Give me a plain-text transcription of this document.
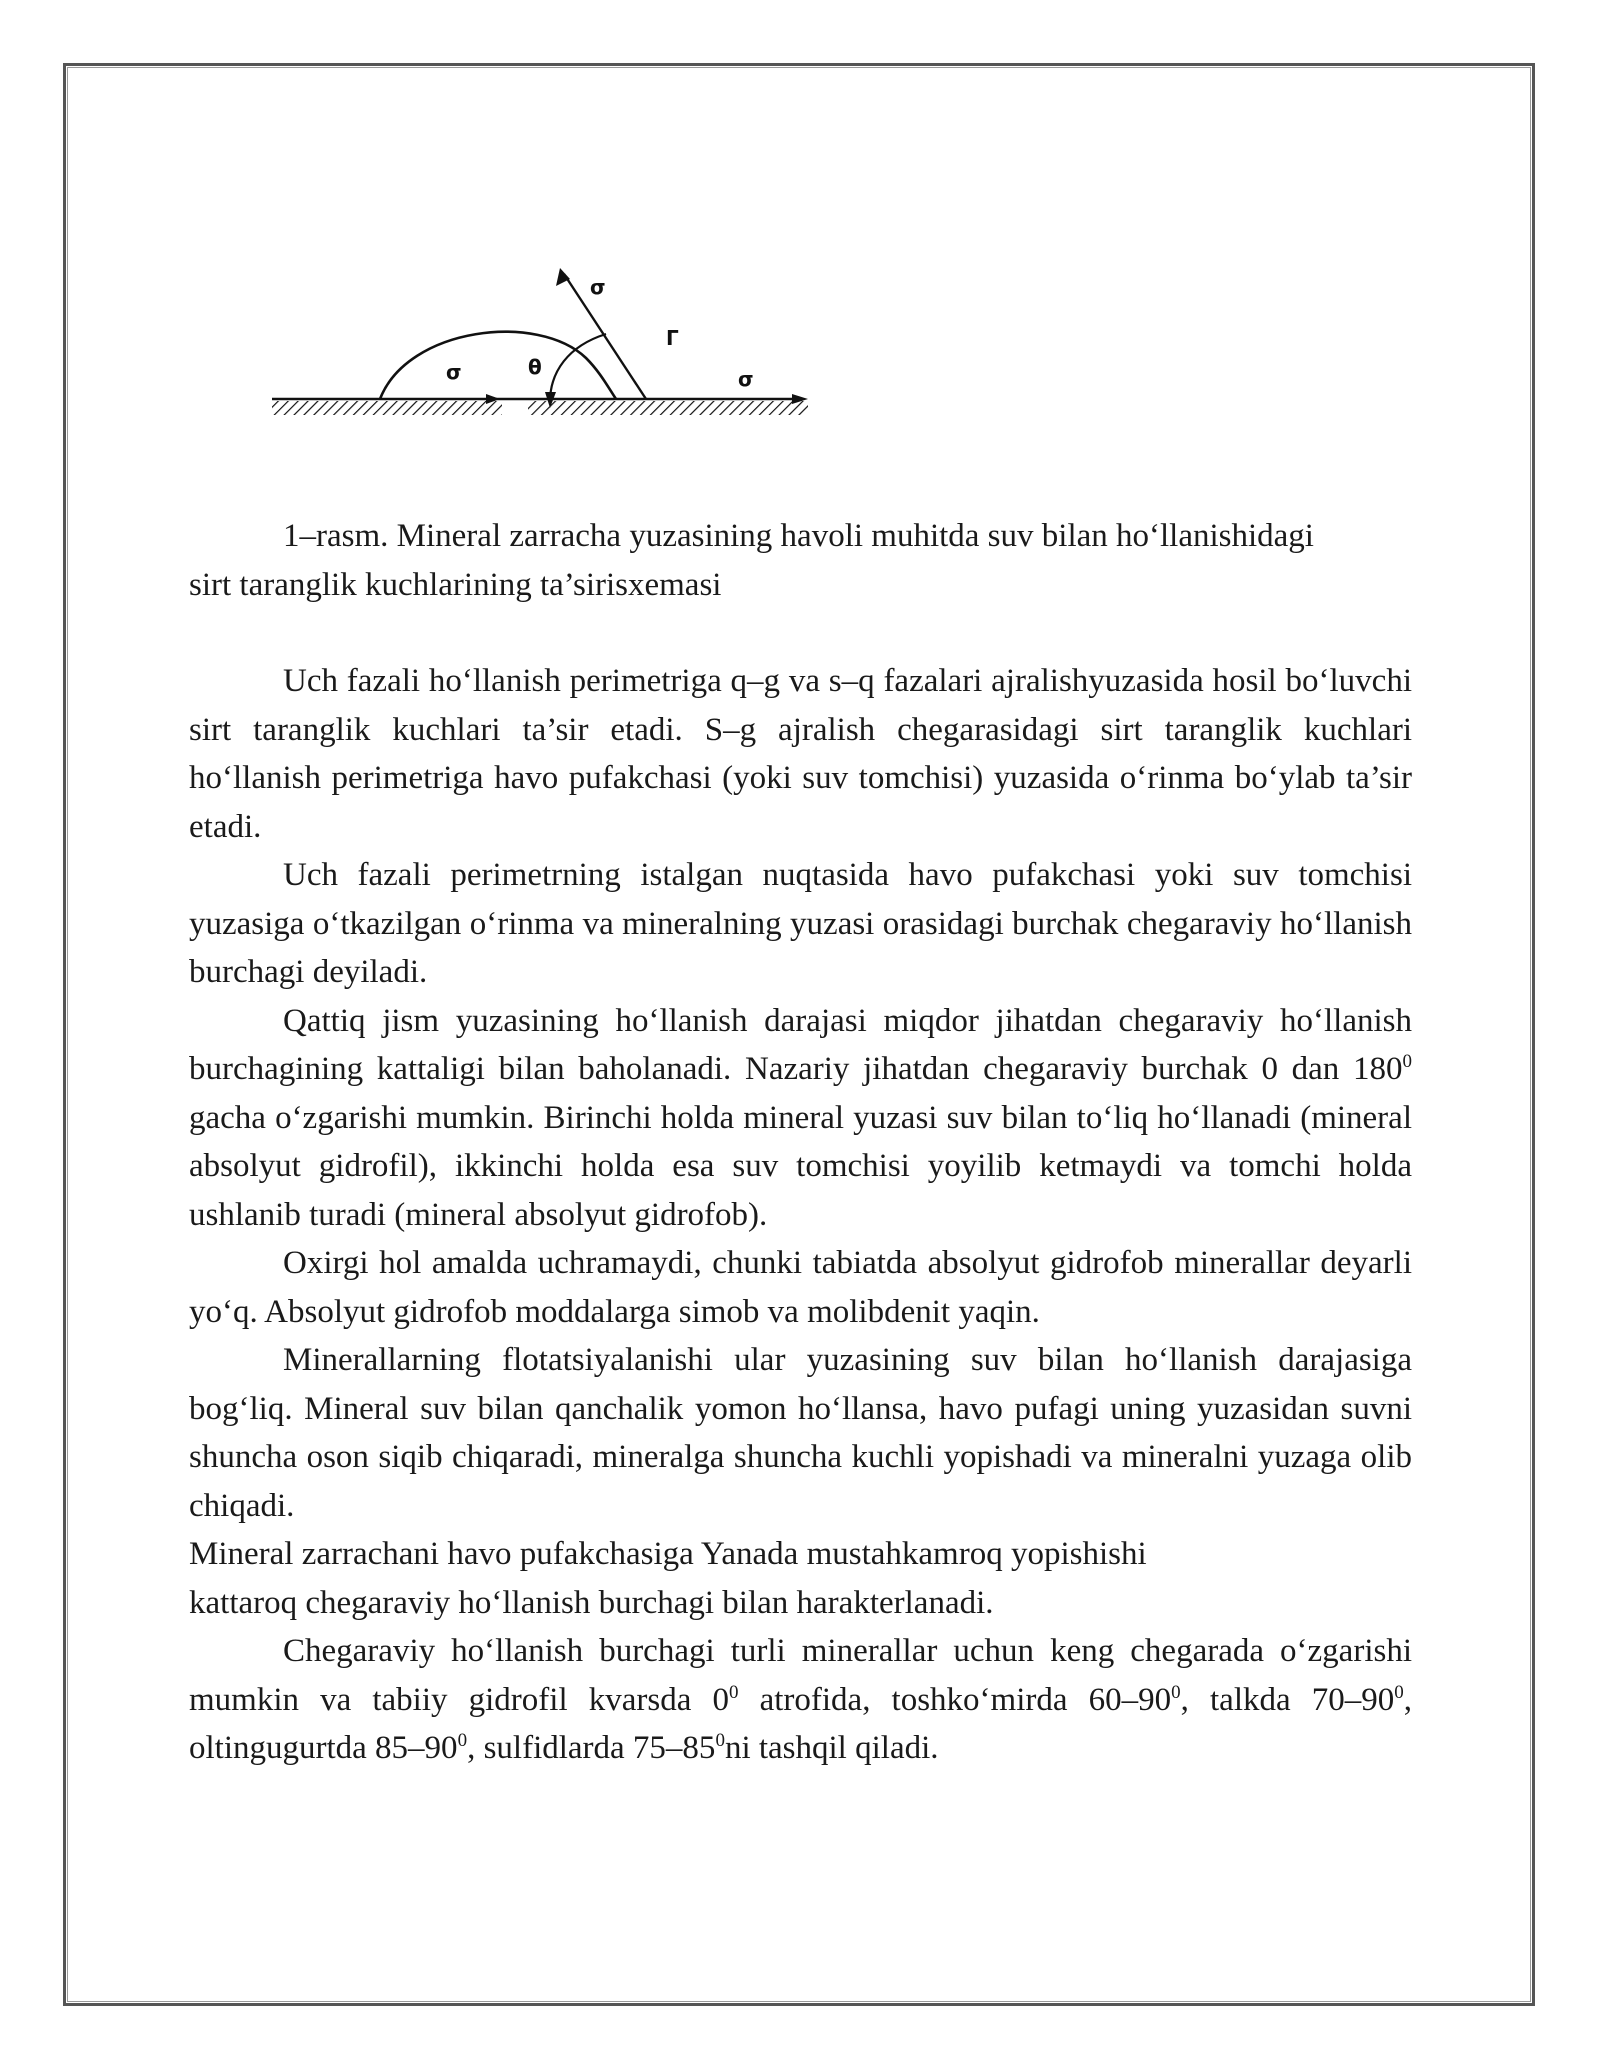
σ
σ	θ
Г
σ

1–rasm. Mineral zarracha yuzasining havoli muhitda suv bilan ho‘llanishidagi
sirt taranglik kuchlarining ta’sirisxemasi

Uch fazali ho‘llanish perimetriga q–g va s–q fazalari ajralishyuzasida hosil bo‘luvchi sirt taranglik kuchlari ta’sir etadi. S–g ajralish chegarasidagi sirt taranglik kuchlari ho‘llanish perimetriga havo pufakchasi (yoki suv tomchisi) yuzasida o‘rinma bo‘ylab ta’sir etadi.

Uch fazali perimetrning istalgan nuqtasida havo pufakchasi yoki suv tomchisi yuzasiga o‘tkazilgan o‘rinma va mineralning yuzasi orasidagi burchak chegaraviy ho‘llanish burchagi deyiladi.

Qattiq jism yuzasining ho‘llanish darajasi miqdor jihatdan chegaraviy ho‘llanish burchagining kattaligi bilan baholanadi. Nazariy jihatdan chegaraviy burchak 0 dan $180^0$ gacha o‘zgarishi mumkin. Birinchi holda mineral yuzasi suv bilan to‘liq ho‘llanadi (mineral absolyut gidrofil), ikkinchi holda esa suv tomchisi yoyilib ketmaydi va tomchi holda ushlanib turadi (mineral absolyut gidrofob).

Oxirgi hol amalda uchramaydi, chunki tabiatda absolyut gidrofob minerallar deyarli yo‘q. Absolyut gidrofob moddalarga simob va molibdenit yaqin.

Minerallarning flotatsiyalanishi ular yuzasining suv bilan ho‘llanish darajasiga bog‘liq. Mineral suv bilan qanchalik yomon ho‘llansa, havo pufagi uning yuzasidan suvni shuncha oson siqib chiqaradi, mineralga shuncha kuchli yopishadi va mineralni yuzaga olib chiqadi.

Mineral zarrachani havo pufakchasiga Yanada mustahkamroq yopishishi
kattaroq chegaraviy ho‘llanish burchagi bilan harakterlanadi.

Chegaraviy ho‘llanish burchagi turli minerallar uchun keng chegarada o‘zgarishi mumkin va tabiiy gidrofil kvarsda $0^0$ atrofida, toshko‘mirda $60-90^0$, talkda $70-90^0$, oltingugurtda $85-90^0$, sulfidlarda $75-85^0ni$ tashqil qiladi.
